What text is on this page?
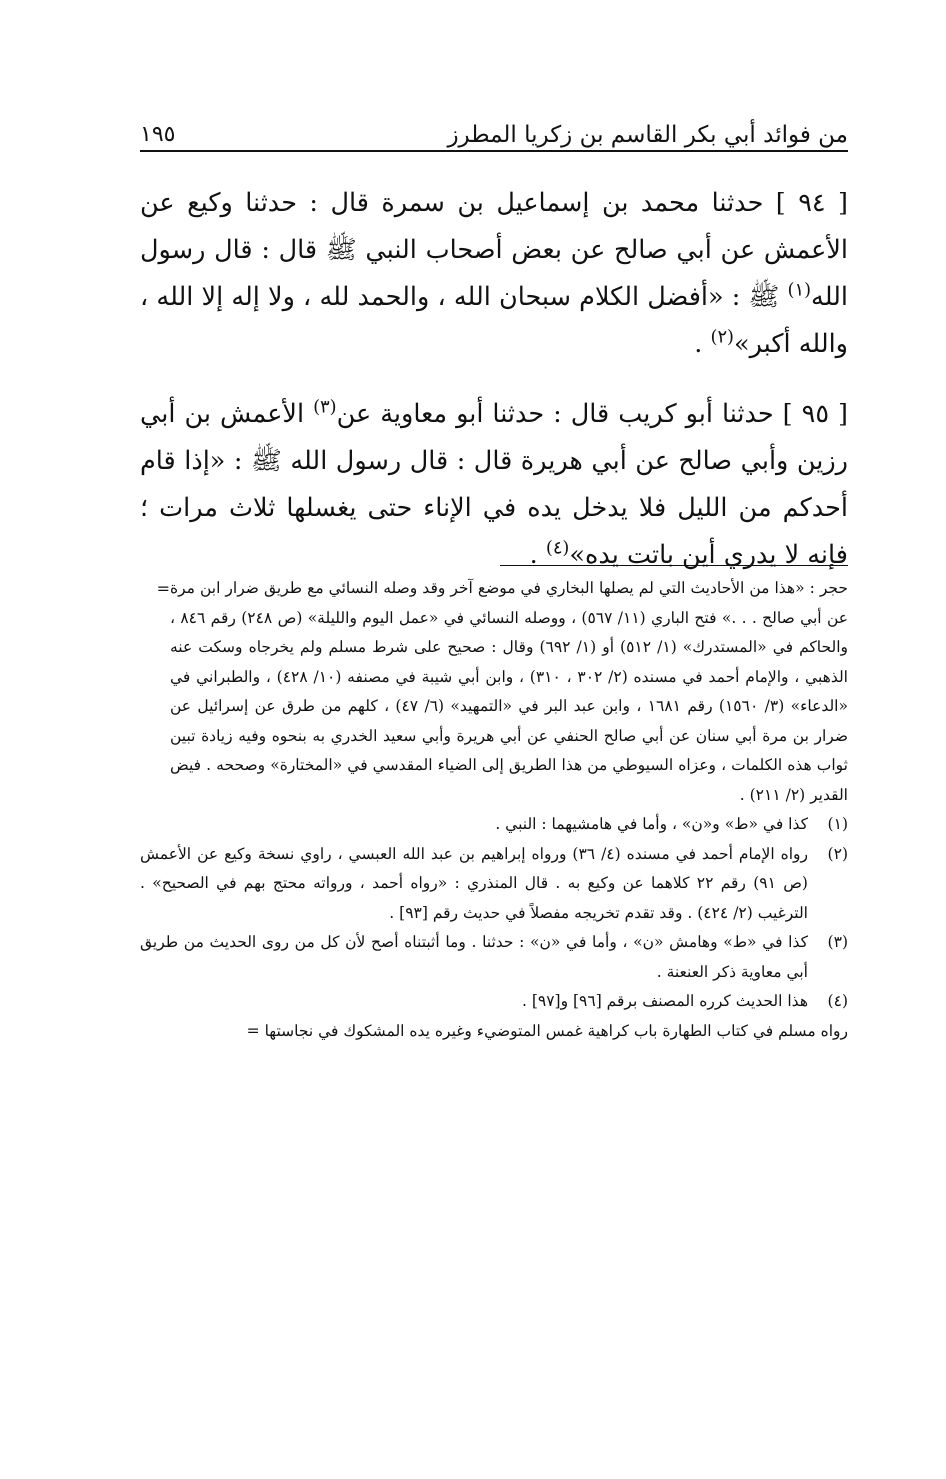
من فوائد أبي بكر القاسم بن زكريا المطرز
١٩٥

[ ٩٤ ] حدثنا محمد بن إسماعيل بن سمرة قال : حدثنا وكيع عن الأعمش عن أبي صالح عن بعض أصحاب النبي ﷺ قال : قال رسول الله$^{(١)}$ ﷺ : «أفضل الكلام سبحان الله ، والحمد لله ، ولا إله إلا الله ، والله أكبر»$^{(٢)}$ .

[ ٩٥ ] حدثنا أبو كريب قال : حدثنا أبو معاوية عن$^{(٣)}$ الأعمش بن أبي رزين وأبي صالح عن أبي هريرة قال : قال رسول الله ﷺ : «إذا قام أحدكم من الليل فلا يدخل يده في الإناء حتى يغسلها ثلاث مرات ؛ فإنه لا يدري أين باتت يده»$^{(٤)}$ .

حجر : «هذا من الأحاديث التي لم يصلها البخاري في موضع آخر وقد وصله النسائي مع طريق ضرار ابن مرة عن أبي صالح . . .» فتح الباري (١١/ ٥٦٧) ، ووصله النسائي في «عمل اليوم والليلة» (ص ٢٤٨) رقم ٨٤٦ ، والحاكم في «المستدرك» (١/ ٥١٢) أو (١/ ٦٩٢) وقال : صحيح على شرط مسلم ولم يخرجاه وسكت عنه الذهبي ، والإمام أحمد في مسنده (٢/ ٣٠٢ ، ٣١٠) ، وابن أبي شيبة في مصنفه (١٠/ ٤٢٨) ، والطبراني في «الدعاء» (٣/ ١٥٦٠) رقم ١٦٨١ ، وابن عبد البر في «التمهيد» (٦/ ٤٧) ، كلهم من طرق عن إسرائيل عن ضرار بن مرة أبي سنان عن أبي صالح الحنفي عن أبي هريرة وأبي سعيد الخدري به بنحوه وفيه زيادة تبين ثواب هذه الكلمات ، وعزاه السيوطي من هذا الطريق إلى الضياء المقدسي في «المختارة» وصححه . فيض القدير (٢/ ٢١١) .
=
(١)
كذا في «ط» و«ن» ، وأما في هامشيهما : النبي .
(٢)
رواه الإمام أحمد في مسنده (٤/ ٣٦) ورواه إبراهيم بن عبد الله العبسي ، راوي نسخة وكيع عن الأعمش (ص ٩١) رقم ٢٢ كلاهما عن وكيع به . قال المنذري : «رواه أحمد ، ورواته محتج بهم في الصحيح» . الترغيب (٢/ ٤٢٤) . وقد تقدم تخريجه مفصلاً في حديث رقم [٩٣] .
(٣)
كذا في «ط» وهامش «ن» ، وأما في «ن» : حدثنا . وما أثبتناه أصح لأن كل من روى الحديث من طريق أبي معاوية ذكر العنعنة .
(٤)
هذا الحديث كرره المصنف برقم [٩٦] و[٩٧] .
رواه مسلم في كتاب الطهارة باب كراهية غمس المتوضيء وغيره يده المشكوك في نجاستها =
